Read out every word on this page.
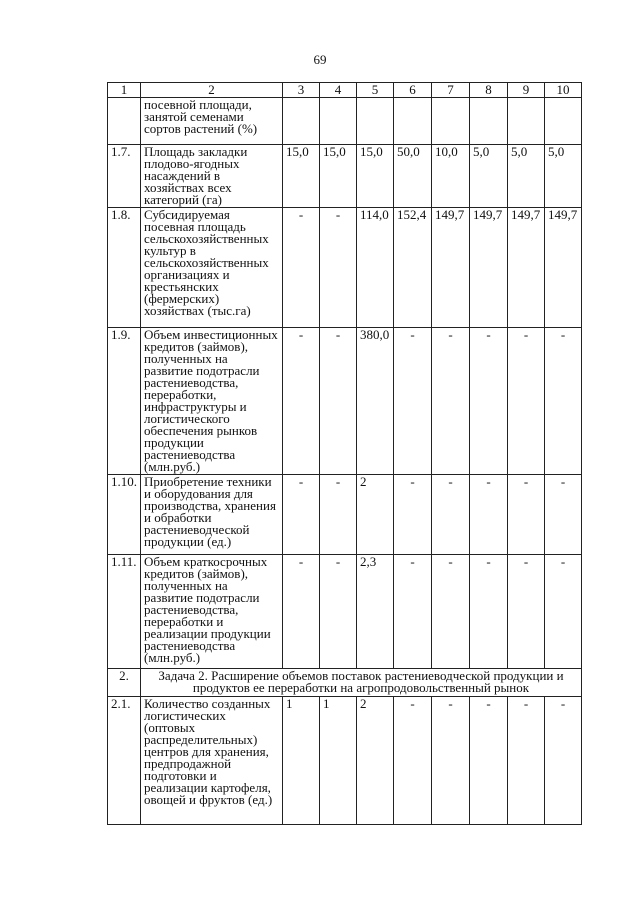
69
1	2	3	4	5	6	7	8	9	10
	посевной площади, занятой семенами сортов растений (%)								
1.7.	Площадь закладки плодово-ягодных насаждений в хозяйствах всех категорий (га)	15,0	15,0	15,0	50,0	10,0	5,0	5,0	5,0
1.8.	Субсидируемая посевная площадь сельскохозяйственных культур в сельскохозяйственных организациях и крестьянских (фермерских) хозяйствах (тыс.га)	-	-	114,0	152,4	149,7	149,7	149,7	149,7
1.9.	Объем инвестиционных кредитов (займов), полученных на развитие подотрасли растениеводства, переработки, инфраструктуры и логистического обеспечения рынков продукции растениеводства (млн.руб.)	-	-	380,0	-	-	-	-	-
1.10.	Приобретение техники и оборудования для производства, хранения и обработки растениеводческой продукции (ед.)	-	-	2	-	-	-	-	-
1.11.	Объем краткосрочных кредитов (займов), полученных на развитие подотрасли растениеводства, переработки и реализации продукции растениеводства (млн.руб.)	-	-	2,3	-	-	-	-	-
2.	Задача 2. Расширение объемов поставок растениеводческой продукции и продуктов ее переработки на агропродовольственный рынок								
2.1.	Количество созданных логистических (оптовых распределительных) центров для хранения, предпродажной подготовки и реализации картофеля, овощей и фруктов (ед.)	1	1	2	-	-	-	-	-
